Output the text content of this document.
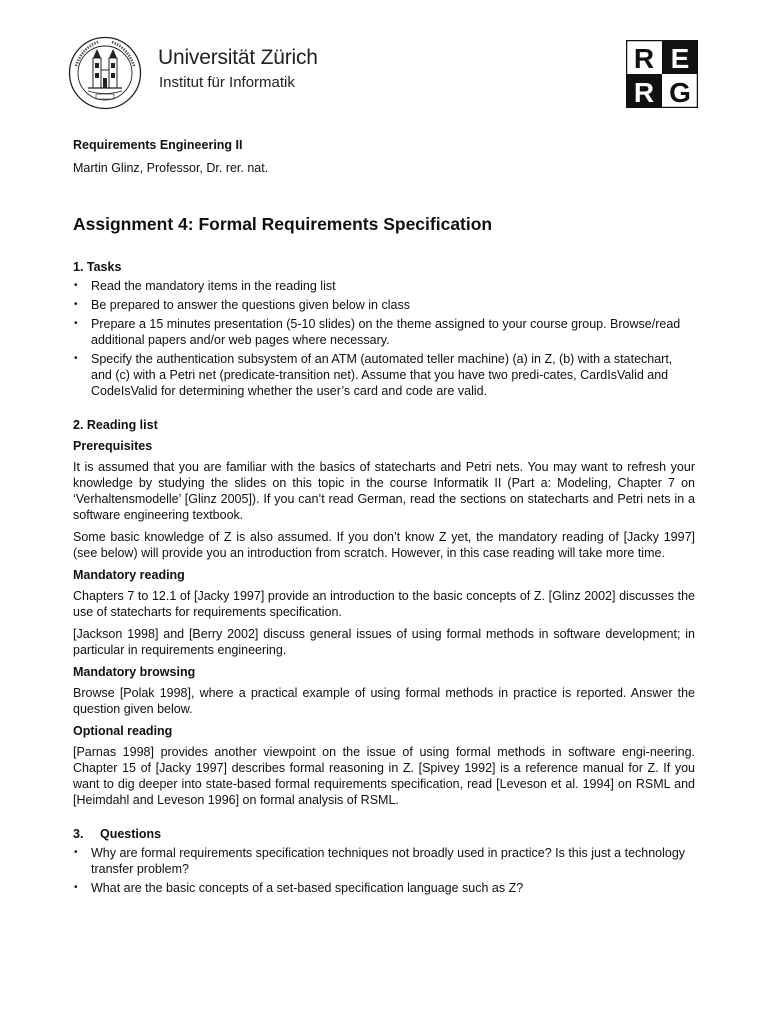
Universität Zürich
Institut für Informatik
R E
R G
Requirements Engineering II
Martin Glinz, Professor, Dr. rer. nat.
Assignment 4: Formal Requirements Specification
1. Tasks
• Read the mandatory items in the reading list
• Be prepared to answer the questions given below in class
• Prepare a 15 minutes presentation (5-10 slides) on the theme assigned to your course group. Browse/read additional papers and/or web pages where necessary.
• Specify the authentication subsystem of an ATM (automated teller machine) (a) in Z, (b) with a statechart, and (c) with a Petri net (predicate-transition net). Assume that you have two predi-cates, CardIsValid and CodeIsValid for determining whether the user’s card and code are valid.
2. Reading list
Prerequisites

It is assumed that you are familiar with the basics of statecharts and Petri nets. You may want to refresh your knowledge by studying the slides on this topic in the course Informatik II (Part a: Modeling, Chapter 7 on ‘Verhaltensmodelle’ [Glinz 2005]). If you can’t read German, read the sections on statecharts and Petri nets in a software engineering textbook.

Some basic knowledge of Z is also assumed. If you don’t know Z yet, the mandatory reading of [Jacky 1997] (see below) will provide you an introduction from scratch. However, in this case reading will take more time.

Mandatory reading

Chapters 7 to 12.1 of [Jacky 1997] provide an introduction to the basic concepts of Z. [Glinz 2002] discusses the use of statecharts for requirements specification.

[Jackson 1998] and [Berry 2002] discuss general issues of using formal methods in software development; in particular in requirements engineering.

Mandatory browsing

Browse [Polak 1998], where a practical example of using formal methods in practice is reported. Answer the question given below.

Optional reading

[Parnas 1998] provides another viewpoint on the issue of using formal methods in software engi-neering. Chapter 15 of [Jacky 1997] describes formal reasoning in Z. [Spivey 1992] is a reference manual for Z. If you want to dig deeper into state-based formal requirements specification, read [Leveson et al. 1994] on RSML and [Heimdahl and Leveson 1996] on formal analysis of RSML.

3. Questions
• Why are formal requirements specification techniques not broadly used in practice? Is this just a technology transfer problem?
• What are the basic concepts of a set-based specification language such as Z?
